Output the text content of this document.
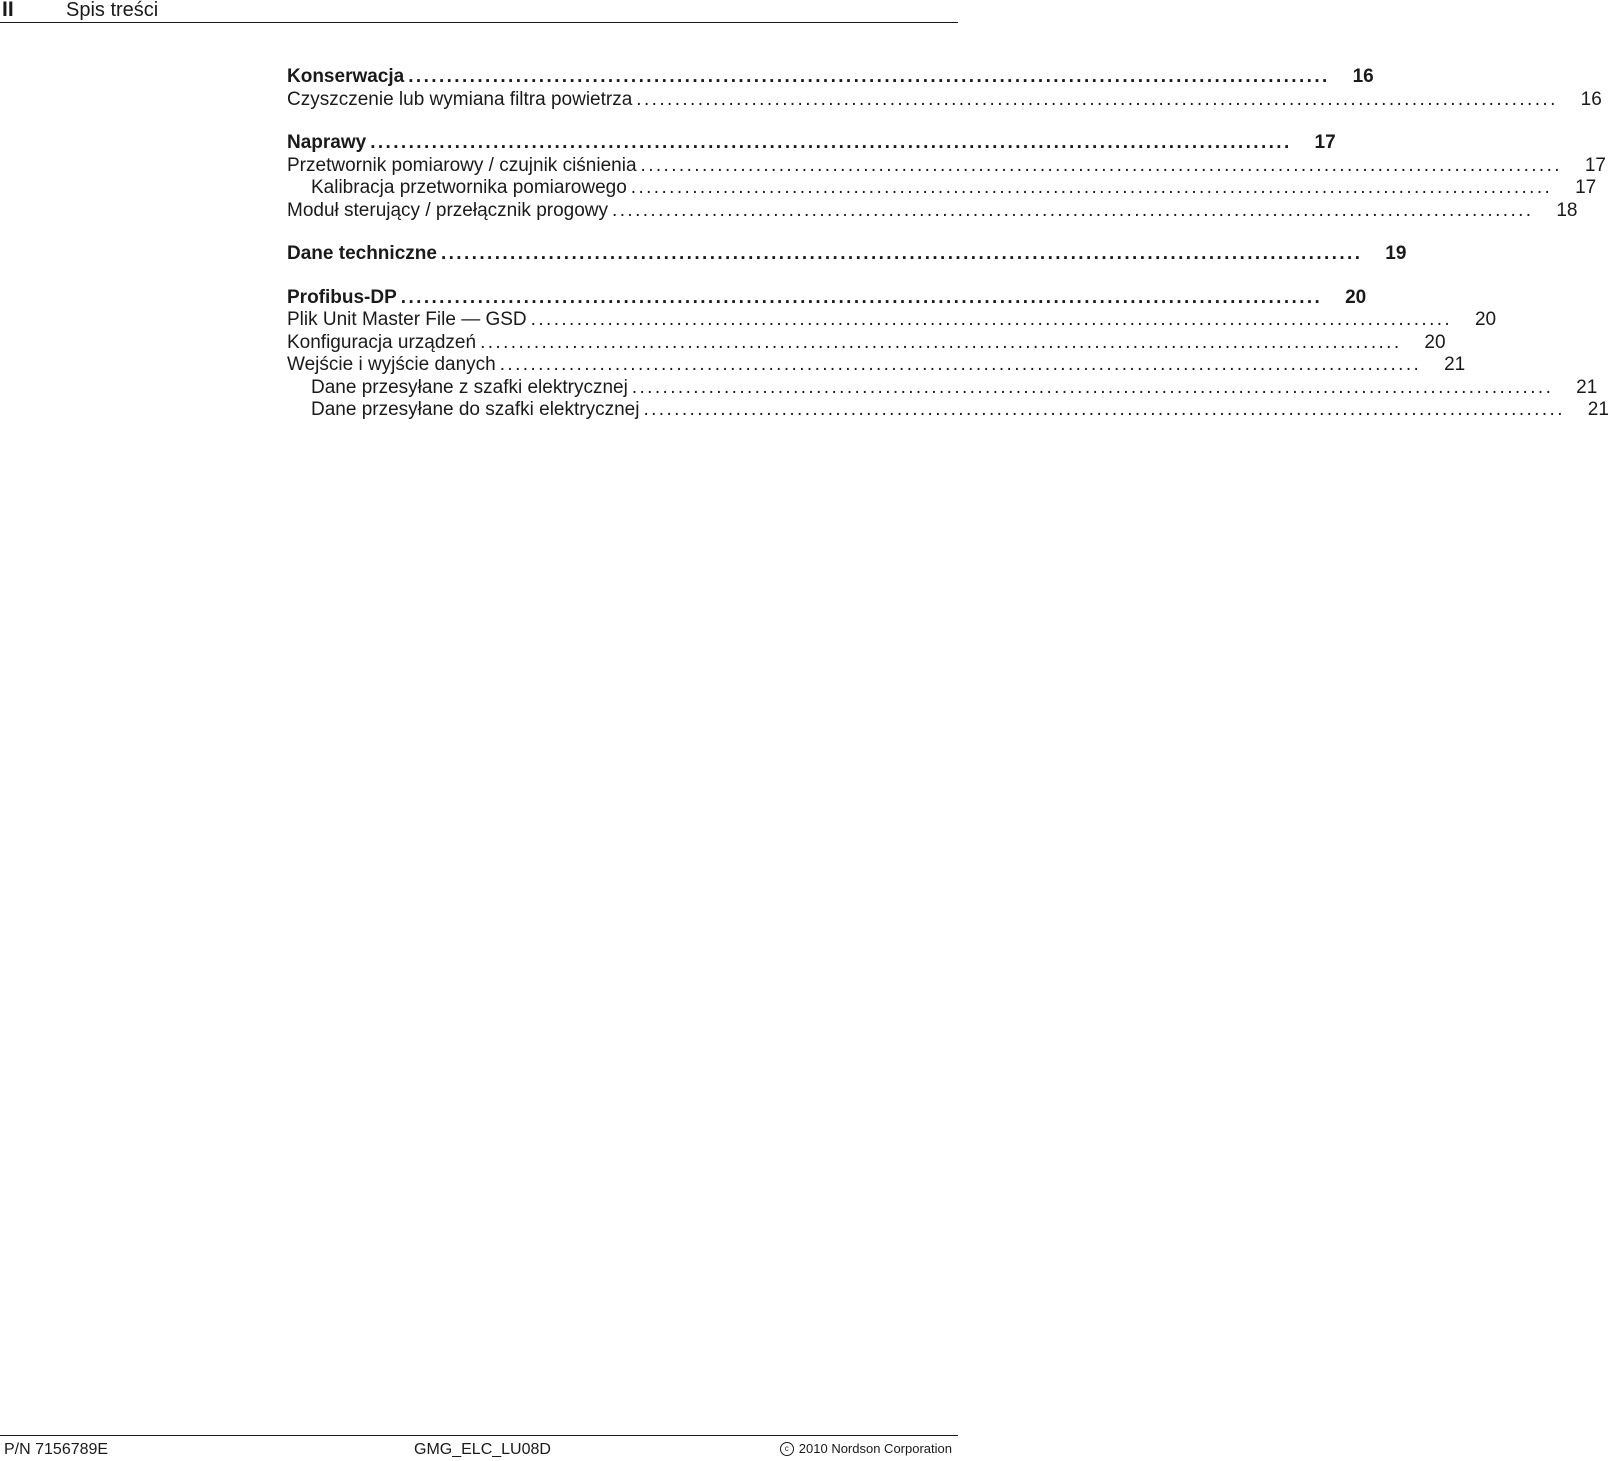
II	Spis treści
Konserwacja ........................................................................................................................ 16
Czyszczenie lub wymiana filtra powietrza ........................................................................................................................ 16
Naprawy ........................................................................................................................ 17
Przetwornik pomiarowy / czujnik ciśnienia ........................................................................................................................ 17
Kalibracja przetwornika pomiarowego ........................................................................................................................ 17
Moduł sterujący / przełącznik progowy ........................................................................................................................ 18
Dane techniczne ........................................................................................................................ 19
Profibus-DP ........................................................................................................................ 20
Plik Unit Master File — GSD ........................................................................................................................ 20
Konfiguracja urządzeń ........................................................................................................................ 20
Wejście i wyjście danych ........................................................................................................................ 21
Dane przesyłane z szafki elektrycznej ........................................................................................................................ 21
Dane przesyłane do szafki elektrycznej ........................................................................................................................ 21
P/N 7156789E	GMG_ELC_LU08D	c 2010 Nordson Corporation
